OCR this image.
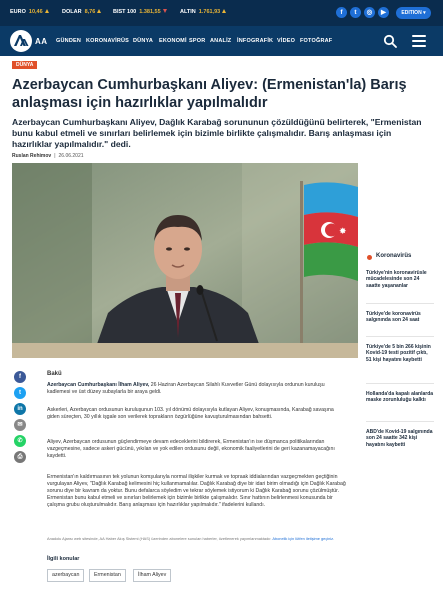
EURO 10,46	DOLAR 8,76	BIST 100 1.381,55	ALTIN 1.761,93	f	t	◎	▶	EDITION ▾
AA GÜNDEN KORONAVİRÜS DÜNYA EKONOMİ SPOR ANALİZ İNFOGRAFİK VİDEO FOTOĞRAF
DÜNYA
Azerbaycan Cumhurbaşkanı Aliyev: (Ermenistan'la) Barış anlaşması için hazırlıklar yapılmalıdır

Azerbaycan Cumhurbaşkanı Aliyev, Dağlık Karabağ sorununun çözüldüğünü belirterek, "Ermenistan bunu kabul etmeli ve sınırları belirlemek için bizimle birlikte çalışmalıdır. Barış anlaşması için hazırlıklar yapılmalıdır." dedi.

Ruslan Rehimov | 26.06.2021
✸
Koronavirüs
Türkiye'nin koronavirüsle mücadelesinde son 24 saatte yaşananlar
Türkiye'de koronavirüs salgınında son 24 saat
Türkiye'de 5 bin 266 kişinin Kovid-19 testi pozitif çıktı, 51 kişi hayatını kaybetti
Hollanda'da kapalı alanlarda maske zorunluluğu kalktı
ABD'de Kovid-19 salgınında son 24 saatte 342 kişi hayatını kaybetti
f
t
in
✉
✆
⎙
Bakü

Azerbaycan Cumhurbaşkanı İlham Aliyev, 26 Haziran Azerbaycan Silahlı Kuvvetler Günü dolayısıyla ordunun kuruluşu kadlemesi ve üst düzey subaylarla bir araya geldi.

Askerleri, Azerbaycan ordusunun kuruluşunun 103. yıl dönümü dolayısıyla kutlayan Aliyev, konuşmasında, Karabağ savaşına giden süreçten, 30 yıllık işgale son verilerek toprakların özgürlüğüne kavuşturulmasından bahsetti.

Aliyev, Azerbaycan ordusunun güçlendirmeye devam edeceklerini bildirerek, Ermenistan'ın ise düşmanca politikalarından vazgeçmesine, sadece askeri gücünü, yıkılan ve yok edilen ordusunu değil, ekonomik faaliyetlerini de geri kazanamayacağını kaydetti.

Ermenistan'ın kaldırmasının tek yolunun komşularıyla normal ilişkiler kurmak ve topraak iddialarından vazgeçmekten geçtiğinin vurgulayan Aliyev, "Dağlık Karabağ kelimesini hiç kullanmamalılar. Dağlık Karabağ diye bir idari birim olmadığı için Dağlık Karabağ sorunu diye bir kavram da yoktur. Bunu defalarca söyledim ve tekrar söylemek istiyorum ki Dağlık Karabağ sorunu çözülmüştür. Ermenistan bunu kabul etmeli ve sınırları belirlemek için bizimle birlikte çalışmalıdır. Sınır hattının belirlenmesi konusunda bir çalışma grubu oluşturulmalıdır. Barış anlaşması için hazırlıklar yapılmalıdır." ifadelerini kullandı.

Anadolu Ajansı web sitesinde, AA Haber Akış Sistemi (HAS) üzerinden abonelere sunulan haberler, özetlenerek yayımlanmaktadır. Abonelik için lütfen iletişime geçiniz.

İlgili konular
azerbaycan	Ermenistan	İlham Aliyev
